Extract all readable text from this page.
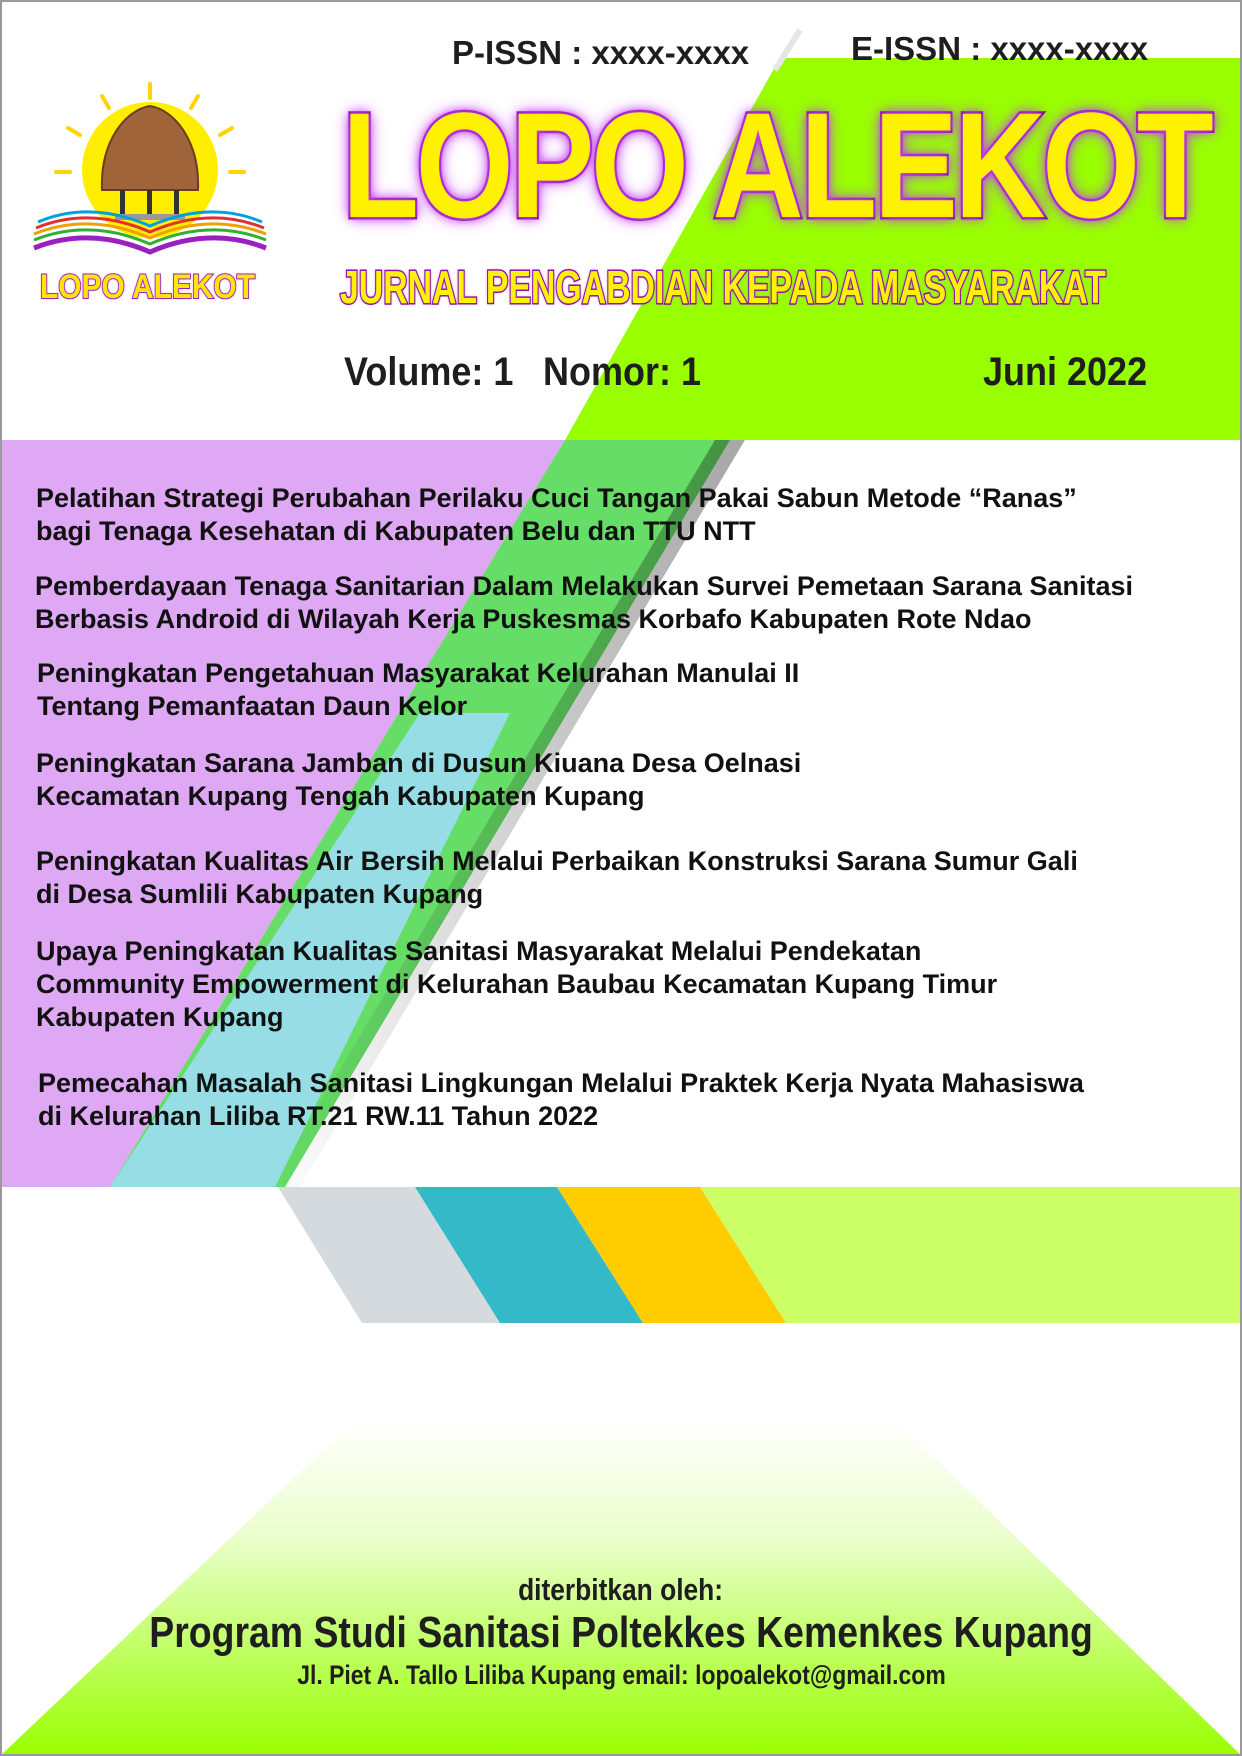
LOPO ALEKOT
P-ISSN : xxxx-xxxx	E-ISSN : xxxx-xxxx
LOPO ALEKOT
JURNAL PENGABDIAN KEPADA MASYARAKAT
Volume: 1 Nomor: 1	Juni 2022
Pelatihan Strategi Perubahan Perilaku Cuci Tangan Pakai Sabun Metode “Ranas”
bagi Tenaga Kesehatan di Kabupaten Belu dan TTU NTT
Pemberdayaan Tenaga Sanitarian Dalam Melakukan Survei Pemetaan Sarana Sanitasi
Berbasis Android di Wilayah Kerja Puskesmas Korbafo Kabupaten Rote Ndao
Peningkatan Pengetahuan Masyarakat Kelurahan Manulai II
Tentang Pemanfaatan Daun Kelor
Peningkatan Sarana Jamban di Dusun Kiuana Desa Oelnasi
Kecamatan Kupang Tengah Kabupaten Kupang
Peningkatan Kualitas Air Bersih Melalui Perbaikan Konstruksi Sarana Sumur Gali
di Desa Sumlili Kabupaten Kupang
Upaya Peningkatan Kualitas Sanitasi Masyarakat Melalui Pendekatan
Community Empowerment di Kelurahan Baubau Kecamatan Kupang Timur
Kabupaten Kupang
Pemecahan Masalah Sanitasi Lingkungan Melalui Praktek Kerja Nyata Mahasiswa
di Kelurahan Liliba RT.21 RW.11 Tahun 2022
diterbitkan oleh:
Program Studi Sanitasi Poltekkes Kemenkes Kupang
Jl. Piet A. Tallo Liliba Kupang email: lopoalekot@gmail.com
